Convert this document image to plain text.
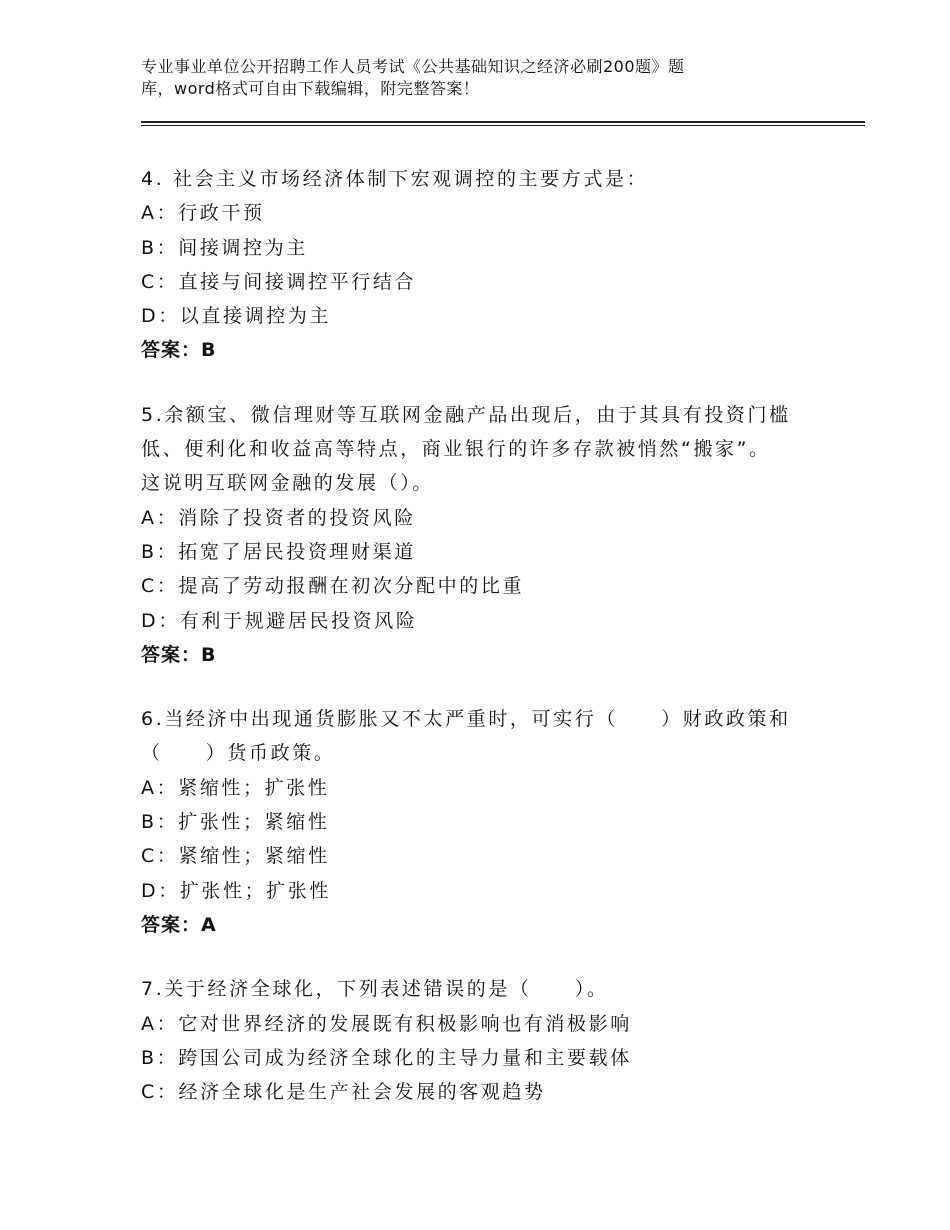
专业事业单位公开招聘工作人员考试《公共基础知识之经济必刷200题》题
库，word格式可自由下载编辑，附完整答案！
4. 社会主义市场经济体制下宏观调控的主要方式是：
A：行政干预
B：间接调控为主
C：直接与间接调控平行结合
D：以直接调控为主
答案：B
5.余额宝、微信理财等互联网金融产品出现后，由于其具有投资门槛
低、便利化和收益高等特点，商业银行的许多存款被悄然“搬家”。
这说明互联网金融的发展（）。
A：消除了投资者的投资风险
B：拓宽了居民投资理财渠道
C：提高了劳动报酬在初次分配中的比重
D：有利于规避居民投资风险
答案：B
6.当经济中出现通货膨胀又不太严重时，可实行（　　）财政政策和
（　　）货币政策。
A：紧缩性；扩张性
B：扩张性；紧缩性
C：紧缩性；紧缩性
D：扩张性；扩张性
答案：A
7.关于经济全球化，下列表述错误的是（　　）。
A：它对世界经济的发展既有积极影响也有消极影响
B：跨国公司成为经济全球化的主导力量和主要载体
C：经济全球化是生产社会发展的客观趋势
